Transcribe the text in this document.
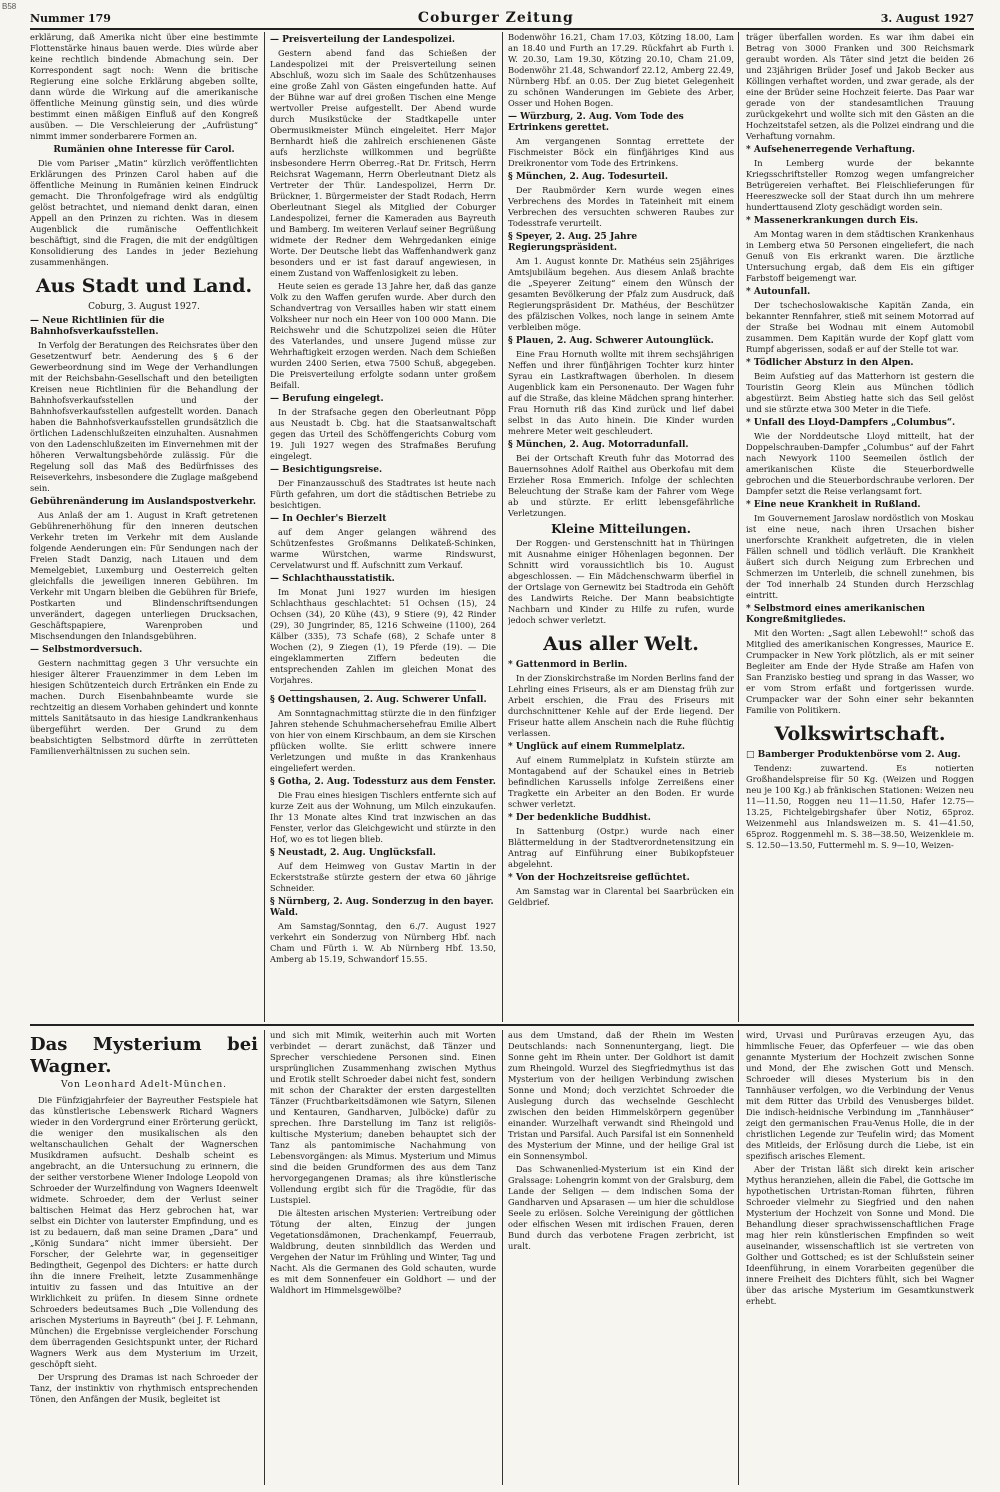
B58
Nummer 179	Coburger Zeitung	3. August 1927

erklärung, daß Amerika nicht über eine bestimmte Flottenstärke hinaus bauen werde. Dies würde aber keine rechtlich bindende Abmachung sein. Der Korrespondent sagt noch: Wenn die britische Regierung eine solche Erklärung abgeben sollte, dann würde die Wirkung auf die amerikanische öffentliche Meinung günstig sein, und dies würde bestimmt einen mäßigen Einfluß auf den Kongreß ausüben. — Die Verschleierung der „Aufrüstung“ nimmt immer sonderbarere Formen an.

Rumänien ohne Interesse für Carol.

Die vom Pariser „Matin“ kürzlich veröffentlichten Erklärungen des Prinzen Carol haben auf die öffentliche Meinung in Rumänien keinen Eindruck gemacht. Die Thronfolgefrage wird als endgültig gelöst betrachtet, und niemand denkt daran, einen Appell an den Prinzen zu richten. Was in diesem Augenblick die rumänische Oeffentlichkeit beschäftigt, sind die Fragen, die mit der endgültigen Konsolidierung des Landes in jeder Beziehung zusammenhängen.

Aus Stadt und Land.
Coburg, 3. August 1927.
— Neue Richtlinien für die Bahnhofsverkaufsstellen.

In Verfolg der Beratungen des Reichsrates über den Gesetzentwurf betr. Aenderung des § 6 der Gewerbeordnung sind im Wege der Verhandlungen mit der Reichsbahn-Gesellschaft und den beteiligten Kreisen neue Richtlinien für die Behandlung der Bahnhofsverkaufsstellen und der Bahnhofsverkaufsstellen aufgestellt worden. Danach haben die Bahnhofsverkaufsstellen grundsätzlich die örtlichen Ladenschlußzeiten einzuhalten. Ausnahmen von den Ladenschlußzeiten im Einvernehmen mit der höheren Verwaltungsbehörde zulässig. Für die Regelung soll das Maß des Bedürfnisses des Reiseverkehrs, insbesondere die Zuglage maßgebend sein.

Gebührenänderung im Auslandspostverkehr.

Aus Anlaß der am 1. August in Kraft getretenen Gebührenerhöhung für den inneren deutschen Verkehr treten im Verkehr mit dem Auslande folgende Aenderungen ein: Für Sendungen nach der Freien Stadt Danzig, nach Litauen und dem Memelgebiet, Luxemburg und Oesterreich gelten gleichfalls die jeweiligen inneren Gebühren. Im Verkehr mit Ungarn bleiben die Gebühren für Briefe, Postkarten und Blindenschriftsendungen unverändert, dagegen unterliegen Drucksachen, Geschäftspapiere, Warenproben und Mischsendungen den Inlandsgebühren.

— Selbstmordversuch.

Gestern nachmittag gegen 3 Uhr versuchte ein hiesiger älterer Frauenzimmer in dem Leben im hiesigen Schützenteich durch Ertränken ein Ende zu machen. Durch Eisenbahnbeamte wurde sie rechtzeitig an diesem Vorhaben gehindert und konnte mittels Sanitätsauto in das hiesige Landkrankenhaus übergeführt werden. Der Grund zu dem beabsichtigten Selbstmord dürfte in zerrütteten Familienverhältnissen zu suchen sein.

— Preisverteilung der Landespolizei.

Gestern abend fand das Schießen der Landespolizei mit der Preisverteilung seinen Abschluß, wozu sich im Saale des Schützenhauses eine große Zahl von Gästen eingefunden hatte. Auf der Bühne war auf drei großen Tischen eine Menge wertvoller Preise aufgestellt. Der Abend wurde durch Musikstücke der Stadtkapelle unter Obermusikmeister Münch eingeleitet. Herr Major Bernhardt hieß die zahlreich erschienenen Gäste aufs herzlichste willkommen und begrüßte insbesondere Herrn Oberreg.-Rat Dr. Fritsch, Herrn Reichsrat Wagemann, Herrn Oberleutnant Dietz als Vertreter der Thür. Landespolizei, Herrn Dr. Brückner, 1. Bürgermeister der Stadt Rodach, Herrn Oberleutnant Siegel als Mitglied der Coburger Landespolizei, ferner die Kameraden aus Bayreuth und Bamberg. Im weiteren Verlauf seiner Begrüßung widmete der Redner dem Wehrgedanken einige Worte. Der Deutsche liebt das Waffenhandwerk ganz besonders und er ist fast darauf angewiesen, in einem Zustand von Waffenlosigkeit zu leben.

Heute seien es gerade 13 Jahre her, daß das ganze Volk zu den Waffen gerufen wurde. Aber durch den Schandvertrag von Versailles haben wir statt einem Volksheer nur noch ein Heer von 100 000 Mann. Die Reichswehr und die Schutzpolizei seien die Hüter des Vaterlandes, und unsere Jugend müsse zur Wehrhaftigkeit erzogen werden. Nach dem Schießen wurden 2400 Serien, etwa 7500 Schuß, abgegeben. Die Preisverteilung erfolgte sodann unter großem Beifall.

— Berufung eingelegt.

In der Strafsache gegen den Oberleutnant Pöpp aus Neustadt b. Cbg. hat die Staatsanwaltschaft gegen das Urteil des Schöffengerichts Coburg vom 19. Juli 1927 wegen des Strafmaßes Berufung eingelegt.

— Besichtigungsreise.

Der Finanzausschuß des Stadtrates ist heute nach Fürth gefahren, um dort die städtischen Betriebe zu besichtigen.

— In Oechler's Bierzelt

auf dem Anger gelangen während des Schützenfestes Großmanns Delikateß-Schinken, warme Würstchen, warme Rindswurst, Cervelatwurst und ff. Aufschnitt zum Verkauf.

— Schlachthausstatistik.

Im Monat Juni 1927 wurden im hiesigen Schlachthaus geschlachtet: 51 Ochsen (15), 24 Ochsen (34), 20 Kühe (43), 9 Stiere (9), 42 Rinder (29), 30 Jungrinder, 85, 1216 Schweine (1100), 264 Kälber (335), 73 Schafe (68), 2 Schafe unter 8 Wochen (2), 9 Ziegen (1), 19 Pferde (19). — Die eingeklammerten Ziffern bedeuten die entsprechenden Zahlen im gleichen Monat des Vorjahres.

§ Oettingshausen, 2. Aug. Schwerer Unfall.

Am Sonntagnachmittag stürzte die in den fünfziger Jahren stehende Schuhmachersehefrau Emilie Albert von hier von einem Kirschbaum, an dem sie Kirschen pflücken wollte. Sie erlitt schwere innere Verletzungen und mußte in das Krankenhaus eingeliefert werden.

§ Gotha, 2. Aug. Todessturz aus dem Fenster.

Die Frau eines hiesigen Tischlers entfernte sich auf kurze Zeit aus der Wohnung, um Milch einzukaufen. Ihr 13 Monate altes Kind trat inzwischen an das Fenster, verlor das Gleichgewicht und stürzte in den Hof, wo es tot liegen blieb.

§ Neustadt, 2. Aug. Unglücksfall.

Auf dem Heimweg von Gustav Martin in der Eckerststraße stürzte gestern der etwa 60 jährige Schneider.

§ Nürnberg, 2. Aug. Sonderzug in den bayer. Wald.

Am Samstag/Sonntag, den 6./7. August 1927 verkehrt ein Sonderzug von Nürnberg Hbf. nach Cham und Fürth i. W. Ab Nürnberg Hbf. 13.50, Amberg ab 15.19, Schwandorf 15.55.

Bodenwöhr 16.21, Cham 17.03, Kötzing 18.00, Lam an 18.40 und Furth an 17.29. Rückfahrt ab Furth i. W. 20.30, Lam 19.30, Kötzing 20.10, Cham 21.09, Bodenwöhr 21.48, Schwandorf 22.12, Amberg 22.49, Nürnberg Hbf. an 0.05. Der Zug bietet Gelegenheit zu schönen Wanderungen im Gebiete des Arber, Osser und Hohen Bogen.

— Würzburg, 2. Aug. Vom Tode des Ertrinkens gerettet.

Am vergangenen Sonntag errettete der Fischmeister Böck ein fünfjähriges Kind aus Dreikronentor vom Tode des Ertrinkens.

§ München, 2. Aug. Todesurteil.

Der Raubmörder Kern wurde wegen eines Verbrechens des Mordes in Tateinheit mit einem Verbrechen des versuchten schweren Raubes zur Todesstrafe verurteilt.

§ Speyer, 2. Aug. 25 Jahre Regierungspräsident.

Am 1. August konnte Dr. Mathéus sein 25jähriges Amtsjubiläum begehen. Aus diesem Anlaß brachte die „Speyerer Zeitung“ einem den Wünsch der gesamten Bevölkerung der Pfalz zum Ausdruck, daß Regierungspräsident Dr. Mathéus, der Beschützer des pfälzischen Volkes, noch lange in seinem Amte verbleiben möge.

§ Plauen, 2. Aug. Schwerer Autounglück.

Eine Frau Hornuth wollte mit ihrem sechsjährigen Neffen und ihrer fünfjährigen Tochter kurz hinter Syrau ein Lastkraftwagen überholen. In diesem Augenblick kam ein Personenauto. Der Wagen fuhr auf die Straße, das kleine Mädchen sprang hinterher. Frau Hornuth riß das Kind zurück und lief dabei selbst in das Auto hinein. Die Kinder wurden mehrere Meter weit geschleudert.

§ München, 2. Aug. Motorradunfall.

Bei der Ortschaft Kreuth fuhr das Motorrad des Bauernsohnes Adolf Raithel aus Oberkofau mit dem Erzieher Rosa Emmerich. Infolge der schlechten Beleuchtung der Straße kam der Fahrer vom Wege ab und stürzte. Er erlitt lebensgefährliche Verletzungen.

Kleine Mitteilungen.

Der Roggen- und Gerstenschnitt hat in Thüringen mit Ausnahme einiger Höhenlagen begonnen. Der Schnitt wird voraussichtlich bis 10. August abgeschlossen. — Ein Mädchenschwarm überfiel in der Ortslage von Gernewitz bei Stadtroda ein Gehöft des Landwirts Reiche. Der Mann beabsichtigte Nachbarn und Kinder zu Hilfe zu rufen, wurde jedoch schwer verletzt.

Aus aller Welt.
* Gattenmord in Berlin.

In der Zionskirchstraße im Norden Berlins fand der Lehrling eines Friseurs, als er am Dienstag früh zur Arbeit erschien, die Frau des Friseurs mit durchschnittener Kehle auf der Erde liegend. Der Friseur hatte allem Anschein nach die Ruhe flüchtig verlassen.

* Unglück auf einem Rummelplatz.

Auf einem Rummelplatz in Kufstein stürzte am Montagabend auf der Schaukel eines in Betrieb befindlichen Karussells infolge Zerreißens einer Tragkette ein Arbeiter an den Boden. Er wurde schwer verletzt.

* Der bedenkliche Buddhist.

In Sattenburg (Ostpr.) wurde nach einer Blättermeldung in der Stadtverordnetensitzung ein Antrag auf Einführung einer Bubikopfsteuer abgelehnt.

* Von der Hochzeitsreise geflüchtet.

Am Samstag war in Clarental bei Saarbrücken ein Geldbrief.

träger überfallen worden. Es war ihm dabei ein Betrag von 3000 Franken und 300 Reichsmark geraubt worden. Als Täter sind jetzt die beiden 26 und 23jährigen Brüder Josef und Jakob Becker aus Köllingen verhaftet worden, und zwar gerade, als der eine der Brüder seine Hochzeit feierte. Das Paar war gerade von der standesamtlichen Trauung zurückgekehrt und wollte sich mit den Gästen an die Hochzeitstafel setzen, als die Polizei eindrang und die Verhaftung vornahm.

* Aufsehenerregende Verhaftung.

In Lemberg wurde der bekannte Kriegsschriftsteller Romzog wegen umfangreicher Betrügereien verhaftet. Bei Fleischlieferungen für Heereszwecke soll der Staat durch ihn um mehrere hunderttausend Zloty geschädigt worden sein.

* Massenerkrankungen durch Eis.

Am Montag waren in dem städtischen Krankenhaus in Lemberg etwa 50 Personen eingeliefert, die nach Genuß von Eis erkrankt waren. Die ärztliche Untersuchung ergab, daß dem Eis ein giftiger Farbstoff beigemengt war.

* Autounfall.

Der tschechoslowakische Kapitän Zanda, ein bekannter Rennfahrer, stieß mit seinem Motorrad auf der Straße bei Wodnau mit einem Automobil zusammen. Dem Kapitän wurde der Kopf glatt vom Rumpf abgerissen, sodaß er auf der Stelle tot war.

* Tödlicher Absturz in den Alpen.

Beim Aufstieg auf das Matterhorn ist gestern die Touristin Georg Klein aus München tödlich abgestürzt. Beim Abstieg hatte sich das Seil gelöst und sie stürzte etwa 300 Meter in die Tiefe.

* Unfall des Lloyd-Dampfers „Columbus“.

Wie der Norddeutsche Lloyd mitteilt, hat der Doppelschrauben-Dampfer „Columbus“ auf der Fahrt nach Newyork 1100 Seemeilen östlich der amerikanischen Küste die Steuerbordwelle gebrochen und die Steuerbordschraube verloren. Der Dampfer setzt die Reise verlangsamt fort.

* Eine neue Krankheit in Rußland.

Im Gouvernement Jaroslaw nordöstlich von Moskau ist eine neue, nach ihren Ursachen bisher unerforschte Krankheit aufgetreten, die in vielen Fällen schnell und tödlich verläuft. Die Krankheit äußert sich durch Neigung zum Erbrechen und Schmerzen im Unterleib, die schnell zunehmen, bis der Tod innerhalb 24 Stunden durch Herzschlag eintritt.

* Selbstmord eines amerikanischen Kongreßmitgliedes.

Mit den Worten: „Sagt allen Lebewohl!“ schoß das Mitglied des amerikanischen Kongresses, Maurice E. Crumpacker in New York plötzlich, als er mit seiner Begleiter am Ende der Hyde Straße am Hafen von San Franzisko bestieg und sprang in das Wasser, wo er vom Strom erfaßt und fortgerissen wurde. Crumpacker war der Sohn einer sehr bekannten Familie von Politikern.

Volkswirtschaft.
□ Bamberger Produktenbörse vom 2. Aug.

Tendenz: zuwartend. Es notierten Großhandelspreise für 50 Kg. (Weizen und Roggen neu je 100 Kg.) ab fränkischen Stationen: Weizen neu 11—11.50, Roggen neu 11—11.50, Hafer 12.75—13.25, Fichtelgebirgshafer über Notiz, 65proz. Weizenmehl aus Inlandsweizen m. S. 41—41.50, 65proz. Roggenmehl m. S. 38—38.50, Weizenkleie m. S. 12.50—13.50, Futtermehl m. S. 9—10, Weizen-

Das Mysterium bei Wagner.
Von Leonhard Adelt-München.

Die Fünfzigjahrfeier der Bayreuther Festspiele hat das künstlerische Lebenswerk Richard Wagners wieder in den Vordergrund einer Erörterung gerückt, die weniger den musikalischen als den weltanschaulichen Gehalt der Wagnerschen Musikdramen aufsucht. Deshalb scheint es angebracht, an die Untersuchung zu erinnern, die der seither verstorbene Wiener Indologe Leopold von Schroeder der Wurzelfindung von Wagners Ideenwelt widmete. Schroeder, dem der Verlust seiner baltischen Heimat das Herz gebrochen hat, war selbst ein Dichter von lauterster Empfindung, und es ist zu bedauern, daß man seine Dramen „Dara“ und „König Sundara“ nicht immer übersieht. Der Forscher, der Gelehrte war, in gegenseitiger Bedingtheit, Gegenpol des Dichters: er hatte durch ihn die innere Freiheit, letzte Zusammenhänge intuitiv zu fassen und das Intuitive an der Wirklichkeit zu prüfen. In diesem Sinne ordnete Schroeders bedeutsames Buch „Die Vollendung des arischen Mysteriums in Bayreuth“ (bei J. F. Lehmann, München) die Ergebnisse vergleichender Forschung dem überragenden Gesichtspunkt unter, der Richard Wagners Werk aus dem Mysterium im Urzeit, geschöpft sieht.

Der Ursprung des Dramas ist nach Schroeder der Tanz, der instinktiv von rhythmisch entsprechenden Tönen, den Anfängen der Musik, begleitet ist

und sich mit Mimik, weiterhin auch mit Worten verbindet — derart zunächst, daß Tänzer und Sprecher verschiedene Personen sind. Einen ursprünglichen Zusammenhang zwischen Mythus und Erotik stellt Schroeder dabei nicht fest, sondern mit schon der Charakter der ersten dargestellten Tänzer (Fruchtbarkeitsdämonen wie Satyrn, Silenen und Kentauren, Gandharven, Julböcke) dafür zu sprechen. Ihre Darstellung im Tanz ist religiös-kultische Mysterium; daneben behauptet sich der Tanz als pantomimische Nachahmung von Lebensvorgängen: als Mimus. Mysterium und Mimus sind die beiden Grundformen des aus dem Tanz hervorgegangenen Dramas; als ihre künstlerische Vollendung ergibt sich für die Tragödie, für das Lustspiel.

Die ältesten arischen Mysterien: Vertreibung oder Tötung der alten, Einzug der jungen Vegetationsdämonen, Drachenkampf, Feuerraub, Waldbrung, deuten sinnbildlich das Werden und Vergehen der Natur im Frühling und Winter, Tag und Nacht. Als die Germanen des Gold schauten, wurde es mit dem Sonnenfeuer ein Goldhort — und der Waldhort im Himmelsgewölbe?

aus dem Umstand, daß der Rhein im Westen Deutschlands: nach Sonnenuntergang, liegt. Die Sonne geht im Rhein unter. Der Goldhort ist damit zum Rheingold. Wurzel des Siegfriedmythus ist das Mysterium von der heiligen Verbindung zwischen Sonne und Mond; doch verzichtet Schroeder die Auslegung durch das wechselnde Geschlecht zwischen den beiden Himmelskörpern gegenüber einander. Wurzelhaft verwandt sind Rheingold und Tristan und Parsifal. Auch Parsifal ist ein Sonnenheld des Mysterium der Minne, und der heilige Gral ist ein Sonnensymbol.

Das Schwanenlied-Mysterium ist ein Kind der Gralssage: Lohengrin kommt von der Gralsburg, dem Lande der Seligen — dem indischen Soma der Gandharven und Apsarasen — um hier die schuldlose Seele zu erlösen. Solche Vereinigung der göttlichen oder elfischen Wesen mit irdischen Frauen, deren Bund durch das verbotene Fragen zerbricht, ist uralt.

wird, Urvasi und Purûravas erzeugen Ayu, das himmlische Feuer, das Opferfeuer — wie das oben genannte Mysterium der Hochzeit zwischen Sonne und Mond, der Ehe zwischen Gott und Mensch. Schroeder will dieses Mysterium bis in den Tannhäuser verfolgen, wo die Verbindung der Venus mit dem Ritter das Urbild des Venusberges bildet. Die indisch-heidnische Verbindung im „Tannhäuser“ zeigt den germanischen Frau-Venus Holle, die in der christlichen Legende zur Teufelin wird; das Moment des Mitleids, der Erlösung durch die Liebe, ist ein spezifisch arisches Element.

Aber der Tristan läßt sich direkt kein arischer Mythus heranziehen, allein die Fabel, die Gottsche im hypothetischen Urtristan-Roman führten, führen Schroeder vielmehr zu Siegfried und den nahen Mysterium der Hochzeit von Sonne und Mond. Die Behandlung dieser sprachwissenschaftlichen Frage mag hier rein künstlerischen Empfinden so weit auseinander, wissenschaftlich ist sie vertreten von Golther und Gottsched; es ist der Schlußstein seiner Ideenführung, in einem Vorarbeiten gegenüber die innere Freiheit des Dichters fühlt, sich bei Wagner über das arische Mysterium im Gesamtkunstwerk erhebt.
